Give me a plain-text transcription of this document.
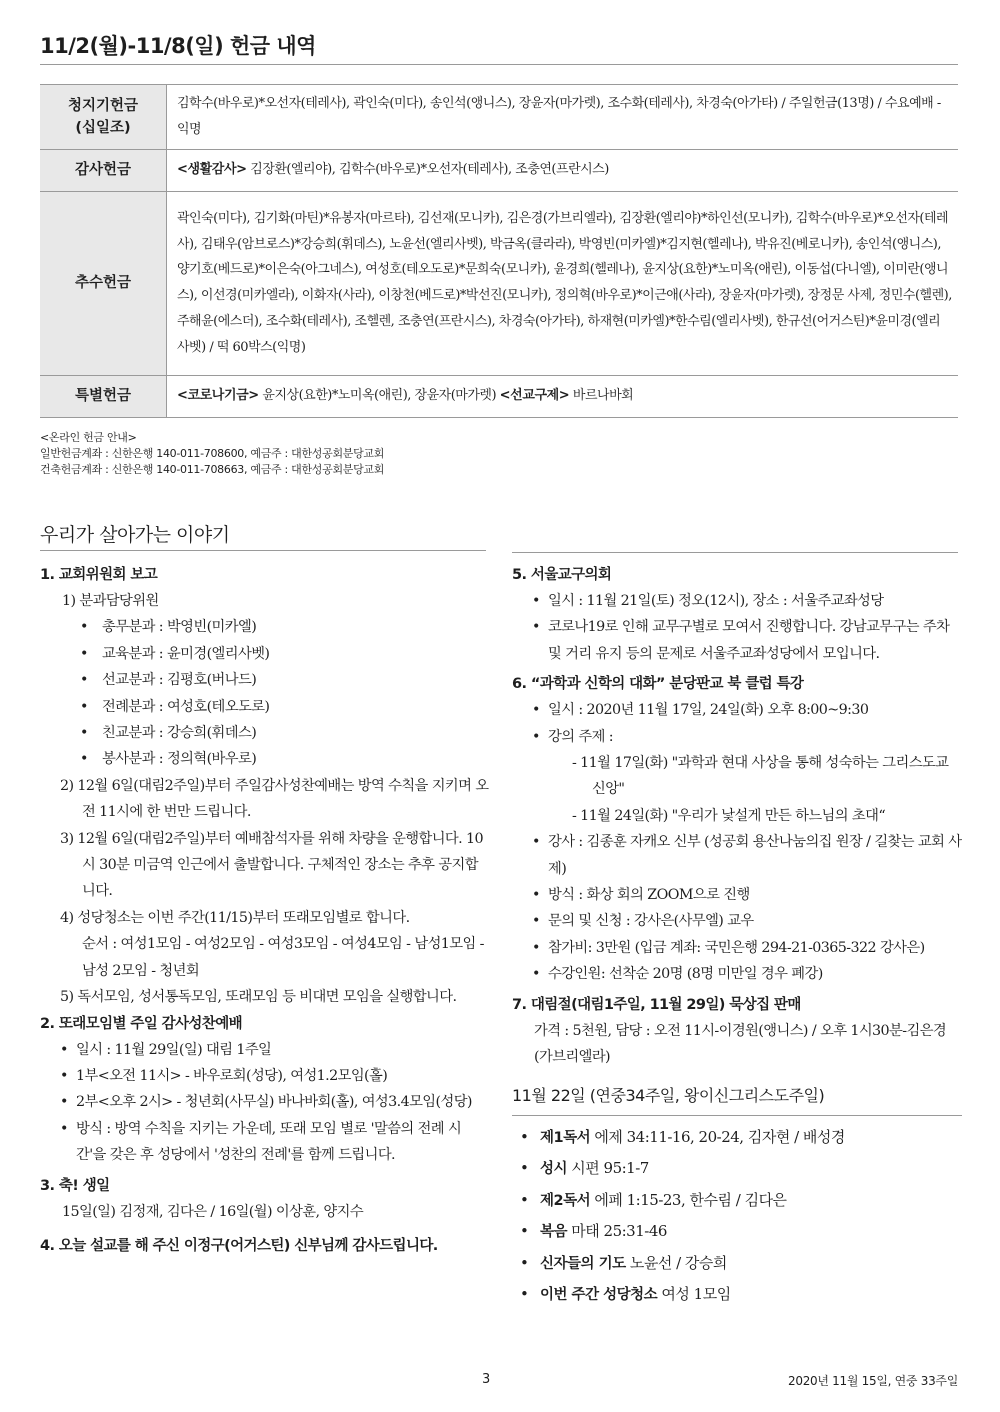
11/2(월)-11/8(일) 헌금 내역
청지기헌금
(십일조)	김학수(바우로)*오선자(테레사), 곽인숙(미다), 송인석(앵니스), 장윤자(마가렛), 조수화(테레사), 차경숙(아가타) / 주일헌금(13명) / 수요예배 - 익명
감사헌금	<생활감사> 김장환(엘리야), 김학수(바우로)*오선자(테레사), 조충연(프란시스)
추수헌금	곽인숙(미다), 김기화(마틴)*유봉자(마르타), 김선재(모니카), 김은경(가브리엘라), 김장환(엘리야)*하인선(모니카), 김학수(바우로)*오선자(테레사), 김태우(암브로스)*강승희(휘데스), 노윤선(엘리사벳), 박금옥(클라라), 박영빈(미카엘)*김지현(헬레나), 박유진(베로니카), 송인석(앵니스), 양기호(베드로)*이은숙(아그네스), 여성호(테오도로)*문희숙(모니카), 윤경희(헬레나), 윤지상(요한)*노미옥(애린), 이동섭(다니엘), 이미란(앵니스), 이선경(미카엘라), 이화자(사라), 이창천(베드로)*박선진(모니카), 정의혁(바우로)*이근애(사라), 장윤자(마가렛), 장정문 사제, 정민수(헬렌), 주해윤(에스더), 조수화(테레사), 조헬렌, 조충연(프란시스), 차경숙(아가타), 하재현(미카엘)*한수림(엘리사벳), 한규선(어거스틴)*윤미경(엘리사벳) / 떡 60박스(익명)
특별헌금	<코로나기금> 윤지상(요한)*노미옥(애린), 장윤자(마가렛) <선교구제> 바르나바회
<온라인 헌금 안내>
일반헌금계좌 : 신한은행 140-011-708600, 예금주 : 대한성공회분당교회
건축헌금계좌 : 신한은행 140-011-708663, 예금주 : 대한성공회분당교회
우리가 살아가는 이야기
1. 교회위원회 보고
1) 분과담당위원
• 총무분과 : 박영빈(미카엘)
• 교육분과 : 윤미경(엘리사벳)
• 선교분과 : 김평호(버나드)
• 전례분과 : 여성호(테오도로)
• 친교분과 : 강승희(휘데스)
• 봉사분과 : 정의혁(바우로)
2) 12월 6일(대림2주일)부터 주일감사성찬예배는 방역 수칙을 지키며 오전 11시에 한 번만 드립니다.
3) 12월 6일(대림2주일)부터 예배참석자를 위해 차량을 운행합니다. 10시 30분 미금역 인근에서 출발합니다. 구체적인 장소는 추후 공지합니다.
4) 성당청소는 이번 주간(11/15)부터 또래모임별로 합니다.
순서 : 여성1모임 - 여성2모임 - 여성3모임 - 여성4모임 - 남성1모임 - 남성 2모임 - 청년회
5) 독서모임, 성서통독모임, 또래모임 등 비대면 모임을 실행합니다.
2. 또래모임별 주일 감사성찬예배
• 일시 : 11월 29일(일) 대림 1주일
• 1부<오전 11시> - 바우로회(성당), 여성1.2모임(홀)
• 2부<오후 2시> - 청년회(사무실) 바나바회(홀), 여성3.4모임(성당)
• 방식 : 방역 수칙을 지키는 가운데, 또래 모임 별로 '말씀의 전례 시간'을 갖은 후 성당에서 '성찬의 전례'를 함께 드립니다.
3. 축! 생일
15일(일) 김정재, 김다은 / 16일(월) 이상훈, 양지수
4. 오늘 설교를 해 주신 이정구(어거스틴) 신부님께 감사드립니다.
5. 서울교구의회
• 일시 : 11월 21일(토) 정오(12시), 장소 : 서울주교좌성당
• 코로나19로 인해 교무구별로 모여서 진행합니다. 강남교무구는 주차 및 거리 유지 등의 문제로 서울주교좌성당에서 모입니다.
6. “과학과 신학의 대화” 분당판교 북 클럽 특강
• 일시 : 2020년 11월 17일, 24일(화) 오후 8:00~9:30
• 강의 주제 :
- 11월 17일(화) "과학과 현대 사상을 통해 성숙하는 그리스도교 신앙"
- 11월 24일(화) "우리가 낯설게 만든 하느님의 초대“
• 강사 : 김종훈 자캐오 신부 (성공회 용산나눔의집 원장 / 길찾는 교회 사제)
• 방식 : 화상 회의 ZOOM으로 진행
• 문의 및 신청 : 강사은(사무엘) 교우
• 참가비: 3만원 (입금 계좌: 국민은행 294-21-0365-322 강사은)
• 수강인원: 선착순 20명 (8명 미만일 경우 폐강)
7. 대림절(대림1주일, 11월 29일) 묵상집 판매
가격 : 5천원, 담당 : 오전 11시-이경원(앵니스) / 오후 1시30분-김은경(가브리엘라)
11월 22일 (연중34주일, 왕이신그리스도주일)
• 제1독서 에제 34:11-16, 20-24, 김자현 / 배성경
• 성시 시편 95:1-7
• 제2독서 에페 1:15-23, 한수림 / 김다은
• 복음 마태 25:31-46
• 신자들의 기도 노윤선 / 강승희
• 이번 주간 성당청소 여성 1모임
3	2020년 11월 15일, 연중 33주일
